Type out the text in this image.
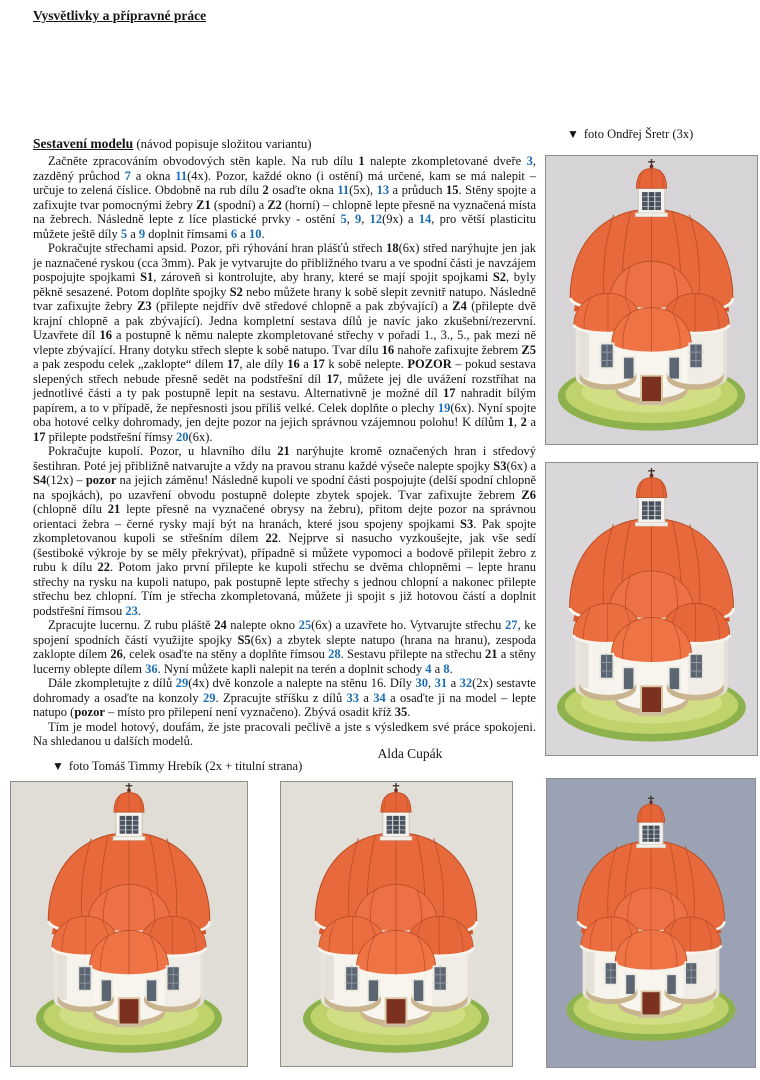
Vysvětlivky a přípravné práce

Sestavení modelu (návod popisuje složitou variantu)

Začněte zpracováním obvodových stěn kaple. Na rub dílu 1 nalepte zkompletované dveře 3, zazděný průchod 7 a okna 11(4x). Pozor, každé okno (i ostění) má určené, kam se má nalepit – určuje to zelená číslice. Obdobně na rub dílu 2 osaďte okna 11(5x), 13 a průduch 15. Stěny spojte a zafixujte tvar pomocnými žebry Z1 (spodní) a Z2 (horní) – chlopně lepte přesně na vyznačená místa na žebrech. Následně lepte z líce plastické prvky - ostění 5, 9, 12(9x) a 14, pro větší plasticitu můžete ještě díly 5 a 9 doplnit římsami 6 a 10.

Pokračujte střechami apsid. Pozor, při rýhování hran plášťů střech 18(6x) střed narýhujte jen jak je naznačené ryskou (cca 3mm). Pak je vytvarujte do přibližného tvaru a ve spodní části je navzájem pospojujte spojkami S1, zároveň si kontrolujte, aby hrany, které se mají spojit spojkami S2, byly pěkně sesazené. Potom doplňte spojky S2 nebo můžete hrany k sobě slepit zevnitř natupo. Následně tvar zafixujte žebry Z3 (přilepte nejdřív dvě středové chlopně a pak zbývající) a Z4 (přilepte dvě krajní chlopně a pak zbývající). Jedna kompletní sestava dílů je navíc jako zkušební/rezervní. Uzavřete díl 16 a postupně k němu nalepte zkompletované střechy v pořadí 1., 3., 5., pak mezi ně vlepte zbývající. Hrany dotyku střech slepte k sobě natupo. Tvar dílu 16 nahoře zafixujte žebrem Z5 a pak zespodu celek „zaklopte“ dílem 17, ale díly 16 a 17 k sobě nelepte. POZOR – pokud sestava slepených střech nebude přesně sedět na podstřešní díl 17, můžete jej dle uvážení rozstříhat na jednotlivé části a ty pak postupně lepit na sestavu. Alternativně je možné díl 17 nahradit bílým papírem, a to v případě, že nepřesnosti jsou příliš velké. Celek doplňte o plechy 19(6x). Nyní spojte oba hotové celky dohromady, jen dejte pozor na jejich správnou vzájemnou polohu! K dílům 1, 2 a 17 přilepte podstřešní římsy 20(6x).

Pokračujte kupolí. Pozor, u hlavního dílu 21 narýhujte kromě označených hran i středový šestihran. Poté jej přibližně natvarujte a vždy na pravou stranu každé výseče nalepte spojky S3(6x) a S4(12x) – pozor na jejich záměnu! Následně kupoli ve spodní části pospojujte (delší spodní chlopně na spojkách), po uzavření obvodu postupně dolepte zbytek spojek. Tvar zafixujte žebrem Z6 (chlopně dílu 21 lepte přesně na vyznačené obrysy na žebru), přitom dejte pozor na správnou orientaci žebra – černé rysky mají být na hranách, které jsou spojeny spojkami S3. Pak spojte zkompletovanou kupoli se střešním dílem 22. Nejprve si nasucho vyzkoušejte, jak vše sedí (šestiboké výkroje by se měly překrývat), případně si můžete vypomoci a bodově přilepit žebro z rubu k dílu 22. Potom jako první přilepte ke kupoli střechu se dvěma chlopněmi – lepte hranu střechy na rysku na kupoli natupo, pak postupně lepte střechy s jednou chlopní a nakonec přilepte střechu bez chlopní. Tím je střecha zkompletovaná, můžete ji spojit s již hotovou částí a doplnit podstřešní římsou 23.

Zpracujte lucernu. Z rubu pláště 24 nalepte okno 25(6x) a uzavřete ho. Vytvarujte střechu 27, ke spojení spodních částí využijte spojky S5(6x) a zbytek slepte natupo (hrana na hranu), zespoda zaklopte dílem 26, celek osaďte na stěny a doplňte římsou 28. Sestavu přilepte na střechu 21 a stěny lucerny oblepte dílem 36. Nyní můžete kapli nalepit na terén a doplnit schody 4 a 8.

Dále zkompletujte z dílů 29(4x) dvě konzole a nalepte na stěnu 16. Díly 30, 31 a 32(2x) sestavte dohromady a osaďte na konzoly 29. Zpracujte stříšku z dílů 33 a 34 a osaďte ji na model – lepte natupo (pozor – místo pro přilepení není vyznačeno). Zbývá osadit kříž 35.

Tím je model hotový, doufám, že jste pracovali pečlivě a jste s výsledkem své práce spokojeni. Na shledanou u dalších modelů.

▼ foto Ondřej Šretr (3x)
Alda Cupák
▼ foto Tomáš Timmy Hrebík (2x + titulní strana)
